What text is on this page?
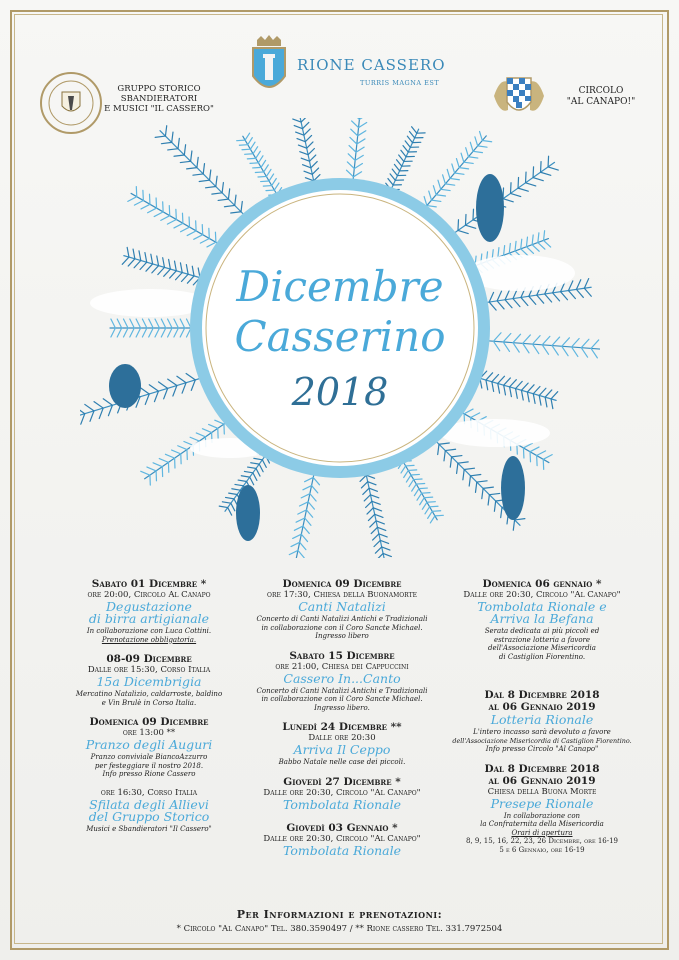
GRUPPO STORICO
SBANDIERATORI
E MUSICI "IL CASSERO"
RIONE CASSERO
TURRIS MAGNA EST
CIRCOLO
"AL CANAPO!"
Dicembre
Casserino
2018

Sabato 01 Dicembre *

ore 20:00, Circolo Al Canapo

Degustazione
di birra artigianale

In collaborazione con Luca Cottini.

Prenotazione obbligatoria.

08-09 Dicembre

Dalle ore 15:30, Corso Italia

15a Dicembrigia

Mercatino Natalizio, caldarroste, baldino

e Vin Brulè in Corso Italia.

Domenica 09 Dicembre

ore 13:00 **

Pranzo degli Auguri

Pranzo conviviale BiancoAzzurro

per festeggiare il nostro 2018.

Info presso Rione Cassero

ore 16:30, Corso Italia

Sfilata degli Allievi
del Gruppo Storico

Musici e Sbandieratori "Il Cassero"

Domenica 09 Dicembre

ore 17:30, Chiesa della Buonamorte

Canti Natalizi

Concerto di Canti Natalizi Antichi e Tradizionali

in collaborazione con il Coro Sancte Michael.

Ingresso libero

Sabato 15 Dicembre

ore 21:00, Chiesa dei Cappuccini

Cassero In...Canto

Concerto di Canti Natalizi Antichi e Tradizionali

in collaborazione con il Coro Sancte Michael.

Ingresso libero.

Lunedì 24 Dicembre **

Dalle ore 20:30

Arriva Il Ceppo

Babbo Natale nelle case dei piccoli.

Giovedì 27 Dicembre *

Dalle ore 20:30, Circolo "Al Canapo"

Tombolata Rionale

Giovedì 03 Gennaio *

Dalle ore 20:30, Circolo "Al Canapo"

Tombolata Rionale

Domenica 06 gennaio *

Dalle ore 20:30, Circolo "Al Canapo"

Tombolata Rionale e
Arriva la Befana

Serata dedicata ai più piccoli ed

estrazione lotteria a favore

dell'Associazione Misericordia

di Castiglion Fiorentino.

Dal 8 Dicembre 2018

al 06 Gennaio 2019

Lotteria Rionale

L'intero incasso sarà devoluto a favore

dell'Associazione Misericordia di Castiglion Fiorentino.

Info presso Circolo "Al Canapo"

Dal 8 Dicembre 2018

al 06 Gennaio 2019

Chiesa della Buona Morte

Presepe Rionale

In collaborazione con

la Confraternita della Misericordia

Orari di apertura

8, 9, 15, 16, 22, 23, 26 Dicembre, ore 16-19

5 e 6 Gennaio, ore 16-19

Per Informazioni e prenotazioni:
* Circolo "Al Canapo" Tel. 380.3590497 / ** Rione cassero Tel. 331.7972504
